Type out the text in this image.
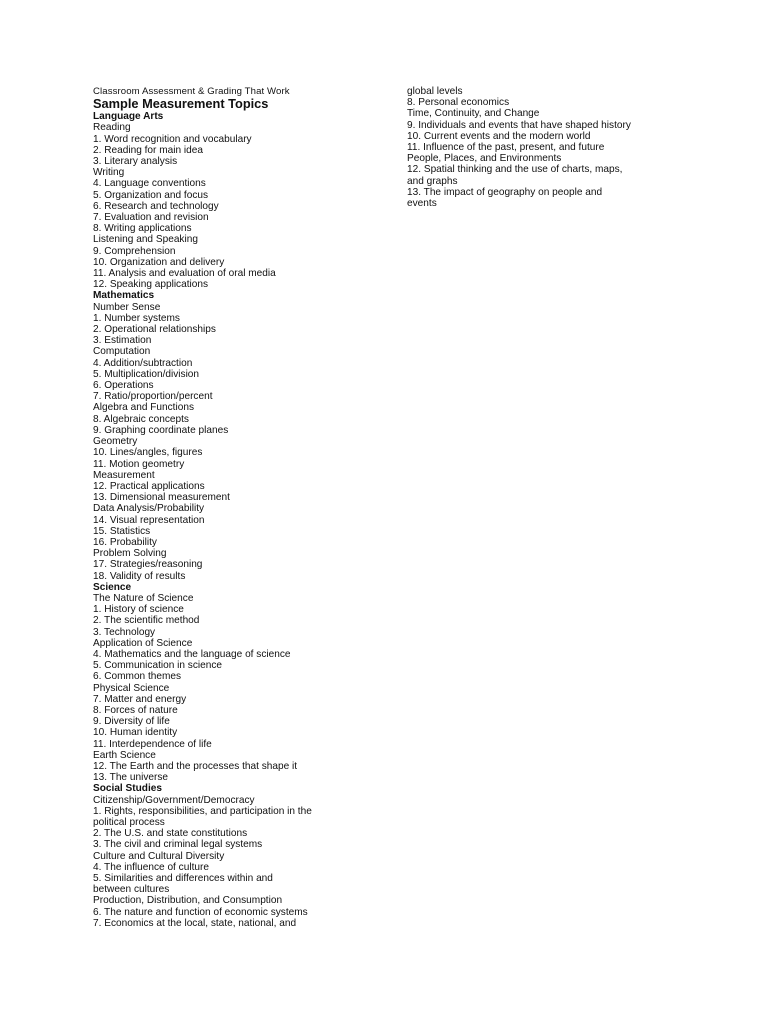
Classroom Assessment & Grading That Work

Sample Measurement Topics

Language Arts

Reading

1. Word recognition and vocabulary

2. Reading for main idea

3. Literary analysis

Writing

4. Language conventions

5. Organization and focus

6. Research and technology

7. Evaluation and revision

8. Writing applications

Listening and Speaking

9. Comprehension

10. Organization and delivery

11. Analysis and evaluation of oral media

12. Speaking applications

Mathematics

Number Sense

1. Number systems

2. Operational relationships

3. Estimation

Computation

4. Addition/subtraction

5. Multiplication/division

6. Operations

7. Ratio/proportion/percent

Algebra and Functions

8. Algebraic concepts

9. Graphing coordinate planes

Geometry

10. Lines/angles, figures

11. Motion geometry

Measurement

12. Practical applications

13. Dimensional measurement

Data Analysis/Probability

14. Visual representation

15. Statistics

16. Probability

Problem Solving

17. Strategies/reasoning

18. Validity of results

Science

The Nature of Science

1. History of science

2. The scientific method

3. Technology

Application of Science

4. Mathematics and the language of science

5. Communication in science

6. Common themes

Physical Science

7. Matter and energy

8. Forces of nature

9. Diversity of life

10. Human identity

11. Interdependence of life

Earth Science

12. The Earth and the processes that shape it

13. The universe

Social Studies

Citizenship/Government/Democracy

1. Rights, responsibilities, and participation in the

political process

2. The U.S. and state constitutions

3. The civil and criminal legal systems

Culture and Cultural Diversity

4. The influence of culture

5. Similarities and differences within and

between cultures

Production, Distribution, and Consumption

6. The nature and function of economic systems

7. Economics at the local, state, national, and

global levels

8. Personal economics

Time, Continuity, and Change

9. Individuals and events that have shaped history

10. Current events and the modern world

11. Influence of the past, present, and future

People, Places, and Environments

12. Spatial thinking and the use of charts, maps,

and graphs

13. The impact of geography on people and

events
